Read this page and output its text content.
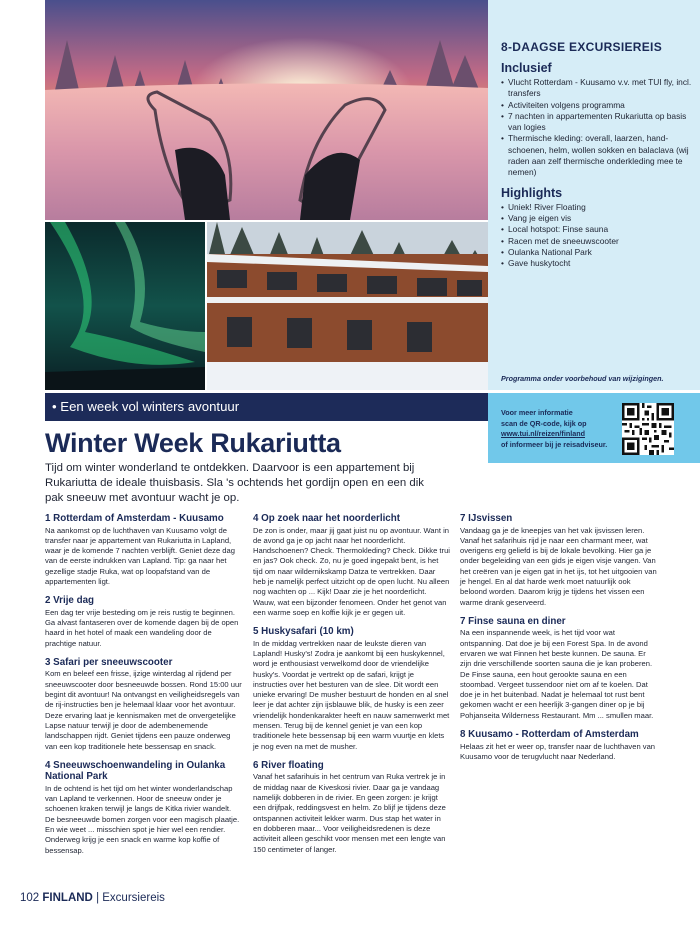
8-DAAGSE EXCURSIEREIS
Inclusief
• Vlucht Rotterdam - Kuusamo v.v. met TUI fly, incl. transfers
• Activiteiten volgens programma
• 7 nachten in appartementen Rukariutta op basis van logies
• Thermische kleding: overall, laarzen, hand-schoenen, helm, wollen sokken en balaclava (wij raden aan zelf thermische onderkleding mee te nemen)
Highlights
• Uniek! River Floating
• Vang je eigen vis
• Local hotspot: Finse sauna
• Racen met de sneeuwscooter
• Oulanka National Park
• Gave huskytocht
Programma onder voorbehoud van wijzigingen.
• Een week vol winters avontuur	Voor meer informatie
scan de QR-code, kijk op
www.tui.nl/reizen/finland
of informeer bij je reisadviseur.
Winter Week Rukariutta
Tijd om winter wonderland te ontdekken. Daarvoor is een appartement bij Rukariutta de ideale thuisbasis. Sla 's ochtends het gordijn open en een dik pak sneeuw met avontuur wacht je op.
1 Rotterdam of Amsterdam - Kuusamo

Na aankomst op de luchthaven van Kuusamo volgt de transfer naar je appartement van Rukariutta in Lapland, waar je de komende 7 nachten verblijft. Geniet deze dag van de eerste indrukken van Lapland. Tip: ga naar het gezellige stadje Ruka, wat op loopafstand van de appartementen ligt.

2 Vrije dag

Een dag ter vrije besteding om je reis rustig te beginnen. Ga alvast fantaseren over de komende dagen bij de open haard in het hotel of maak een wandeling door de prachtige natuur.

3 Safari per sneeuwscooter

Kom en beleef een frisse, ijzige winterdag al rijdend per sneeuwscooter door besneeuwde bossen. Rond 15:00 uur begint dit avontuur! Na ontvangst en veiligheidsregels van de rij-instructies ben je helemaal klaar voor het avontuur. Deze ervaring laat je kennismaken met de onvergetelijke Lapse natuur terwijl je door de adembenemende landschappen rijdt. Geniet tijdens een pauze onderweg van een kop traditionele hete bessensap en snack.

4 Sneeuwschoenwandeling in Oulanka National Park

In de ochtend is het tijd om het winter wonderlandschap van Lapland te verkennen. Hoor de sneeuw onder je schoenen kraken terwijl je langs de Kitka rivier wandelt. De besneeuwde bomen zorgen voor een magisch plaatje. En wie weet ... misschien spot je hier wel een rendier. Onderweg krijg je een snack en warme kop koffie of bessensap.

4 Op zoek naar het noorderlicht

De zon is onder, maar jij gaat juist nu op avontuur. Want in de avond ga je op jacht naar het noorderlicht. Handschoenen? Check. Thermokleding? Check. Dikke trui en jas? Ook check. Zo, nu je goed ingepakt bent, is het tijd om naar wildernikskamp Datza te vertrekken. Daar heb je namelijk perfect uitzicht op de open lucht. Nu alleen nog wachten op ... Kijk! Daar zie je het noorderlicht. Wauw, wat een bijzonder fenomeen. Onder het genot van een warme soep en koffie kijk je er gegen uit.

5 Huskysafari (10 km)

In de middag vertrekken naar de leukste dieren van Lapland! Husky's! Zodra je aankomt bij een huskykennel, word je enthousiast verwelkomd door de vriendelijke husky's. Voordat je vertrekt op de safari, krijgt je instructies over het besturen van de slee. Dit wordt een unieke ervaring! De musher bestuurt de honden en al snel leer je dat achter zijn ijsblauwe blik, de husky is een zeer vriendelijk hondenkarakter heeft en nauw samenwerkt met mensen. Terug bij de kennel geniet je van een kop traditionele hete bessensap bij een warm vuurtje en klets je nog even na met de musher.

6 River floating

Vanaf het safarihuis in het centrum van Ruka vertrek je in de middag naar de Kiveskosi rivier. Daar ga je vandaag namelijk dobberen in de rivier. En geen zorgen: je krijgt een drijfpak, reddingsvest en helm. Zo blijf je tijdens deze ontspannen activiteit lekker warm. Dus stap het water in en dobberen maar... Voor veiligheidsredenen is deze activiteit alleen geschikt voor mensen met een lengte van 150 centimeter of langer.

7 IJsvissen

Vandaag ga je de kneepjes van het vak ijsvissen leren. Vanaf het safarihuis rijd je naar een charmant meer, wat overigens erg geliefd is bij de lokale bevolking. Hier ga je onder begeleiding van een gids je eigen visje vangen. Van het creëren van je eigen gat in het ijs, tot het uitgooien van je hengel. En al dat harde werk moet natuurlijk ook beloond worden. Daarom krijg je tijdens het vissen een warme drank geserveerd.

7 Finse sauna en diner

Na een inspannende week, is het tijd voor wat ontspanning. Dat doe je bij een Forest Spa. In de avond ervaren we wat Finnen het beste kunnen. De sauna. Er zijn drie verschillende soorten sauna die je kan proberen. De Finse sauna, een hout gerookte sauna en een stoombad. Vergeet tussendoor niet om af te koelen. Dat doe je in het buitenbad. Nadat je helemaal tot rust bent gekomen wacht er een heerlijk 3-gangen diner op je bij Pohjanseita Wilderness Restaurant. Mm ... smullen maar.

8 Kuusamo - Rotterdam of Amsterdam

Helaas zit het er weer op, transfer naar de luchthaven van Kuusamo voor de terugvlucht naar Nederland.

102 FINLAND | Excursiereis
